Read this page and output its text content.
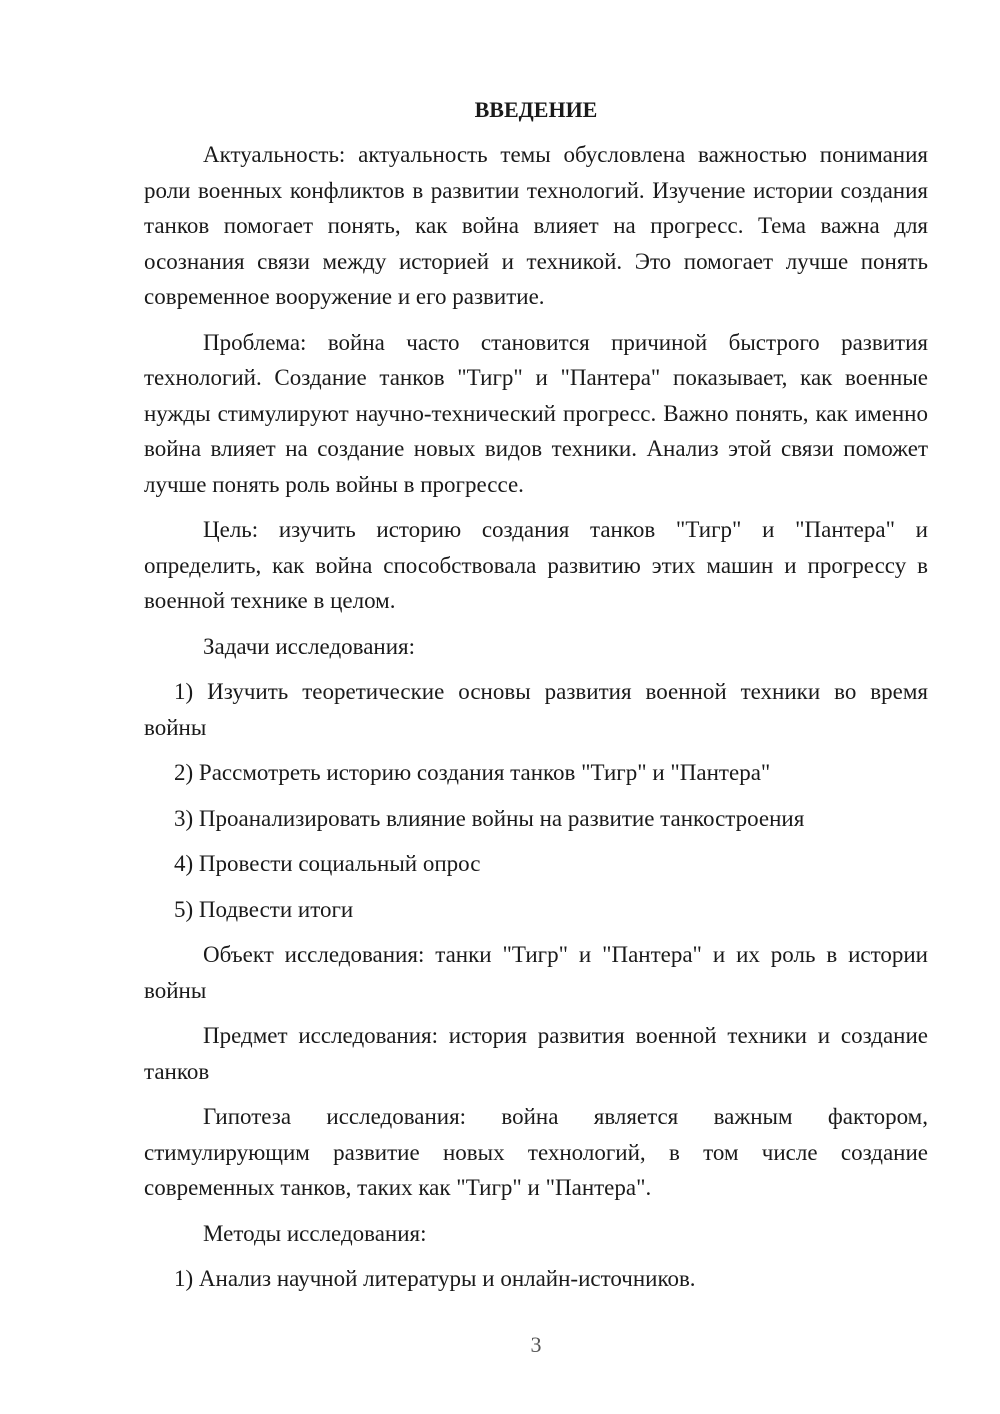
ВВЕДЕНИЕ
Актуальность: актуальность темы обусловлена важностью понимания роли военных конфликтов в развитии технологий. Изучение истории создания танков помогает понять, как война влияет на прогресс. Тема важна для осознания связи между историей и техникой. Это помогает лучше понять современное вооружение и его развитие.
Проблема: война часто становится причиной быстрого развития технологий. Создание танков "Тигр" и "Пантера" показывает, как военные нужды стимулируют научно-технический прогресс. Важно понять, как именно война влияет на создание новых видов техники. Анализ этой связи поможет лучше понять роль войны в прогрессе.
Цель: изучить историю создания танков "Тигр" и "Пантера" и определить, как война способствовала развитию этих машин и прогрессу в военной технике в целом.
Задачи исследования:
1) Изучить теоретические основы развития военной техники во время войны
2) Рассмотреть историю создания танков "Тигр" и "Пантера"
3) Проанализировать влияние войны на развитие танкостроения
4) Провести социальный опрос
5) Подвести итоги
Объект исследования: танки "Тигр" и "Пантера" и их роль в истории войны
Предмет исследования: история развития военной техники и создание танков
Гипотеза исследования: война является важным фактором, стимулирующим развитие новых технологий, в том числе создание современных танков, таких как "Тигр" и "Пантера".
Методы исследования:
1) Анализ научной литературы и онлайн-источников.
3
